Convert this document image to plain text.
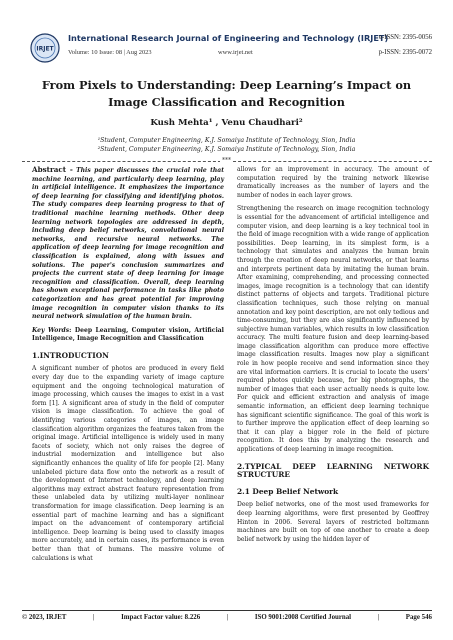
IRJET
International Research Journal of Engineering and Technology (IRJET)
e-ISSN: 2395-0056
Volume: 10 Issue: 08 | Aug 2023	www.irjet.net	p-ISSN: 2395-0072
From Pixels to Understanding: Deep Learning’s Impact on Image Classification and Recognition
Kush Mehta¹ , Venu Chaudhari²
¹Student, Computer Engineering, K.J. Somaiya Institute of Technology, Sion, India
²Student, Computer Engineering, K.J. Somaiya Institute of Technology, Sion, India
***

Abstract - This paper discusses the crucial role that machine learning, and particularly deep learning, play in artificial intelligence. It emphasizes the importance of deep learning for classifying and identifying photos. The study compares deep learning progress to that of traditional machine learning methods. Other deep learning network topologies are addressed in depth, including deep belief networks, convolutional neural networks, and recursive neural networks. The application of deep learning for image recognition and classification is explained, along with issues and solutions. The paper's conclusion summarizes and projects the current state of deep learning for image recognition and classification. Overall, deep learning has shown exceptional performance in tasks like photo categorization and has great potential for improving image recognition in computer vision thanks to its neural network simulation of the human brain.

Key Words: Deep Learning, Computer vision, Artificial Intelligence, Image Recognition and Classification

1.INTRODUCTION

A significant number of photos are produced in every field every day due to the expanding variety of image capture equipment and the ongoing technological maturation of image processing, which causes the images to exist in a vast form [1]. A significant area of study in the field of computer vision is image classification. To achieve the goal of identifying various categories of images, an image classification algorithm organizes the features taken from the original image. Artificial intelligence is widely used in many facets of society, which not only raises the degree of industrial modernization and intelligence but also significantly enhances the quality of life for people [2]. Many unlabeled picture data flow onto the network as a result of the development of Internet technology, and deep learning algorithms may extract abstract feature representation from these unlabeled data by utilizing multi-layer nonlinear transformation for image classification. Deep learning is an essential part of machine learning and has a significant impact on the advancement of contemporary artificial intelligence. Deep learning is being used to classify images more accurately, and in certain cases, its performance is even better than that of humans. The massive volume of calculations is what

allows for an improvement in accuracy. The amount of computation required by the training network likewise dramatically increases as the number of layers and the number of nodes in each layer grows.

Strengthening the research on image recognition technology is essential for the advancement of artificial intelligence and computer vision, and deep learning is a key technical tool in the field of image recognition with a wide range of application possibilities. Deep learning, in its simplest form, is a technology that simulates and analyzes the human brain through the creation of deep neural networks, or that learns and interprets pertinent data by imitating the human brain. After examining, comprehending, and processing connected images, image recognition is a technology that can identify distinct patterns of objects and targets. Traditional picture classification techniques, such those relying on manual annotation and key point description, are not only tedious and time-consuming, but they are also significantly influenced by subjective human variables, which results in low classification accuracy. The multi feature fusion and deep learning-based image classification algorithm can produce more effective image classification results. Images now play a significant role in how people receive and send information since they are vital information carriers. It is crucial to locate the users' required photos quickly because, for big photographs, the number of images that each user actually needs is quite low. For quick and efficient extraction and analysis of image semantic information, an efficient deep learning technique has significant scientific significance. The goal of this work is to further improve the application effect of deep learning so that it can play a bigger role in the field of picture recognition. It does this by analyzing the research and applications of deep learning in image recognition.

2.TYPICAL DEEP LEARNING NETWORK

STRUCTURE

2.1 Deep Belief Network

Deep belief networks, one of the most used frameworks for deep learning algorithms, were first presented by Geoffrey Hinton in 2006. Several layers of restricted boltzmann machines are built on top of one another to create a deep belief network by using the hidden layer of

© 2023, IRJET	|	Impact Factor value: 8.226	|	ISO 9001:2008 Certified Journal	|	Page 546
